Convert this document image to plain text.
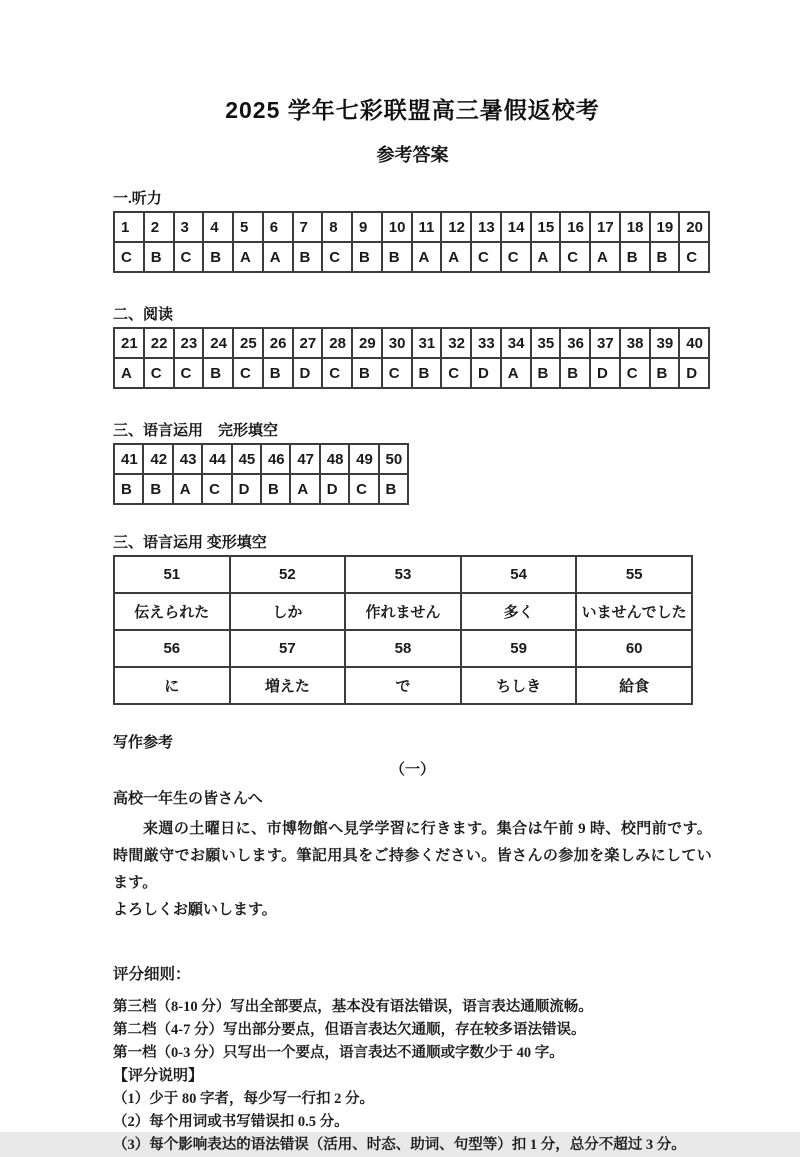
2025 学年七彩联盟高三暑假返校考
参考答案

一.听力

1	2	3	4	5	6	7	8	9	10	11	12	13	14	15	16	17	18	19	20
C	B	C	B	A	A	B	C	B	B	A	A	C	C	A	C	A	B	B	C

二、阅读

21	22	23	24	25	26	27	28	29	30	31	32	33	34	35	36	37	38	39	40
A	C	C	B	C	B	D	C	B	C	B	C	D	A	B	B	D	C	B	D

三、语言运用　完形填空

41	42	43	44	45	46	47	48	49	50
B	B	A	C	D	B	A	D	C	B

三、语言运用 变形填空

51	52	53	54	55
伝えられた	しか	作れません	多く	いませんでした
56	57	58	59	60
に	増えた	で	ちしき	給食

写作参考

（一）

高校一年生の皆さんへ

来週の土曜日に、市博物館へ見学学習に行きます。集合は午前 9 時、校門前です。時間厳守でお願いします。筆記用具をご持参ください。皆さんの参加を楽しみにしています。

よろしくお願いします。

评分细则：

第三档（8-10 分）写出全部要点，基本没有语法错误，语言表达通顺流畅。

第二档（4-7 分）写出部分要点，但语言表达欠通顺，存在较多语法错误。

第一档（0-3 分）只写出一个要点，语言表达不通顺或字数少于 40 字。

【评分说明】

（1）少于 80 字者，每少写一行扣 2 分。

（2）每个用词或书写错误扣 0.5 分。

（3）每个影响表达的语法错误（活用、时态、助词、句型等）扣 1 分，总分不超过 3 分。
